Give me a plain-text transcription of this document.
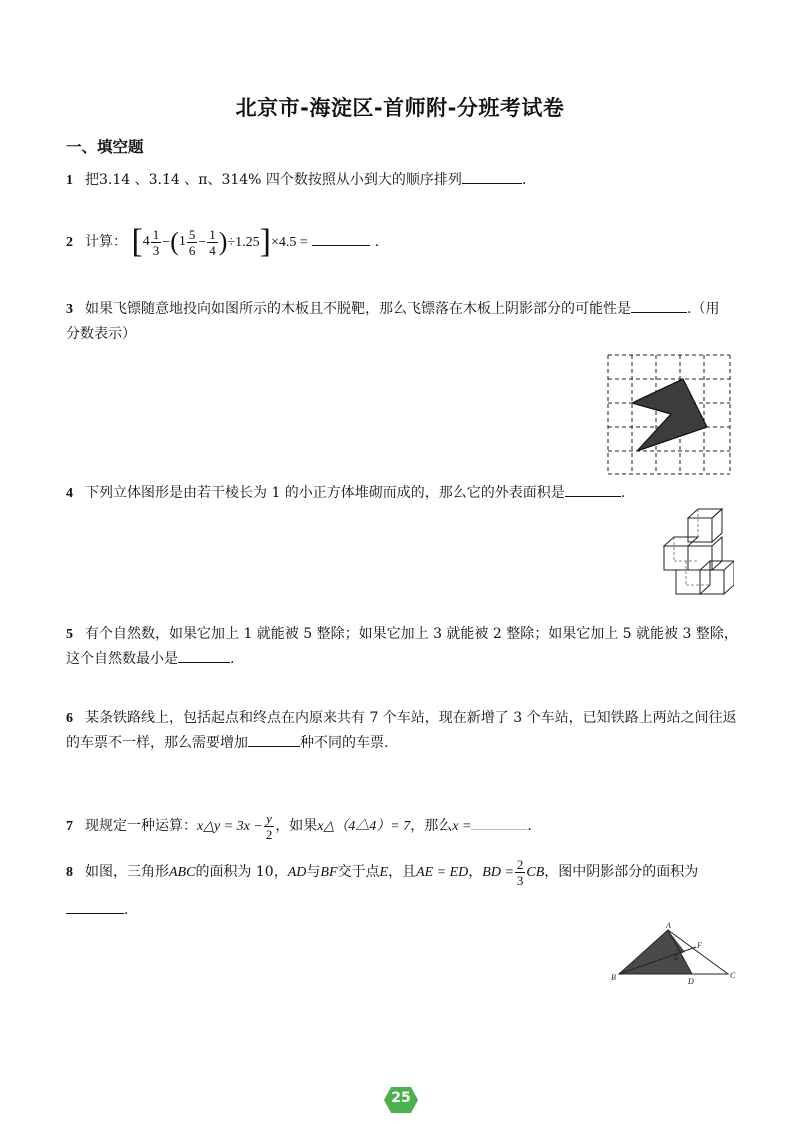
北京市-海淀区-首师附-分班考试卷
一、填空题
1 把3.14 、3.1̇4 、π、314% 四个数按照从小到大的顺序排列	.
2 计算： $[4 \frac{1}{3} -(1 \frac{5}{6} - \frac{1}{4} )\div 1.25]\times 4.5$ =	.
3 如果飞镖随意地投向如图所示的木板且不脱靶，那么飞镖落在木板上阴影部分的可能性是	.（用
分数表示）
4 下列立体图形是由若干棱长为 1 的小正方体堆砌而成的，那么它的外表面积是	.
5 有个自然数，如果它加上 1 就能被 5 整除；如果它加上 3 就能被 2 整除；如果它加上 5 就能被 3 整除，
这个自然数最小是	.
6 某条铁路线上，包括起点和终点在内原来共有 7 个车站，现在新增了 3 个车站，已知铁路上两站之间往返
的车票不一样，那么需要增加	种不同的车票.
7 现规定一种运算：x△y = $3x - \frac{y}{2}$ ，如果x△（4△4）= 7，那么x =	.
8 如图，三角形ABC的面积为 10，AD与BF交于点E，且AE = ED，BD = $\frac{2}{3}$ CB，图中阴影部分的面积为
.
A
B	C
D
E
F
25
